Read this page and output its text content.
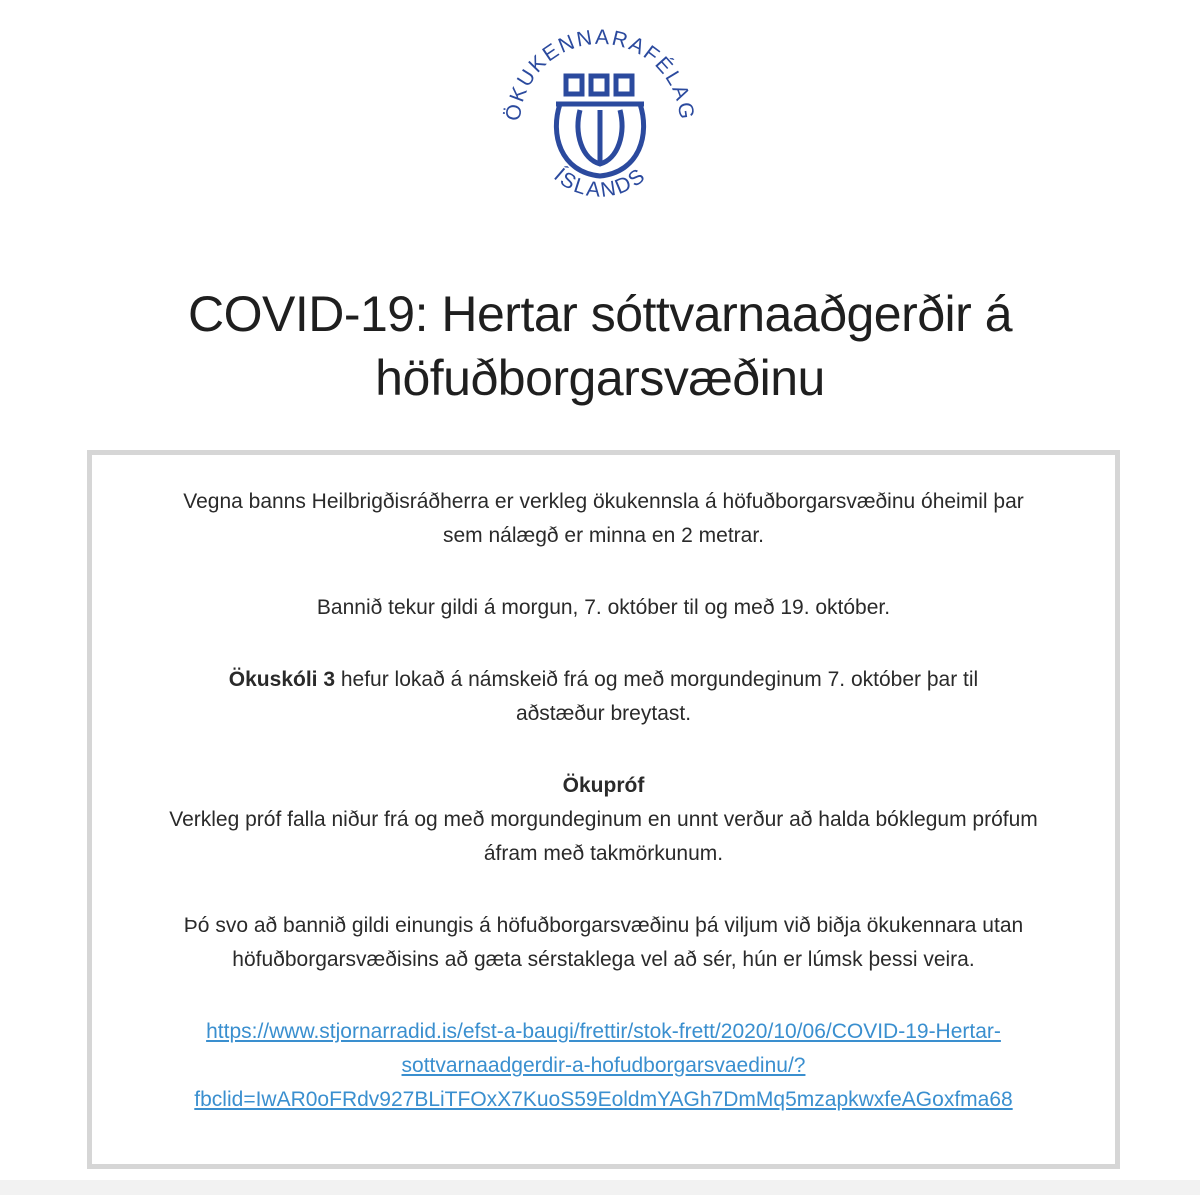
ÖKUKENNARAFÉLAG
ÍSLANDS
COVID-19: Hertar sóttvarnaaðgerðir á
höfuðborgarsvæðinu

Vegna banns Heilbrigðisráðherra er verkleg ökukennsla á höfuðborgarsvæðinu óheimil þar sem nálægð er minna en 2 metrar.

Bannið tekur gildi á morgun, 7. október til og með 19. október.

Ökuskóli 3 hefur lokað á námskeið frá og með morgundeginum 7. október þar til aðstæður breytast.

Ökupróf

Verkleg próf falla niður frá og með morgundeginum en unnt verður að halda bóklegum prófum áfram með takmörkunum.

Þó svo að bannið gildi einungis á höfuðborgarsvæðinu þá viljum við biðja ökukennara utan höfuðborgarsvæðisins að gæta sérstaklega vel að sér, hún er lúmsk þessi veira.

https://www.stjornarradid.is/efst-a-baugi/frettir/stok-frett/2020/10/06/COVID-19-Hertar-
sottvarnaadgerdir-a-hofudborgarsvaedinu/?
fbclid=IwAR0oFRdv927BLiTFOxX7KuoS59EoldmYAGh7DmMq5mzapkwxfeAGoxfma68
